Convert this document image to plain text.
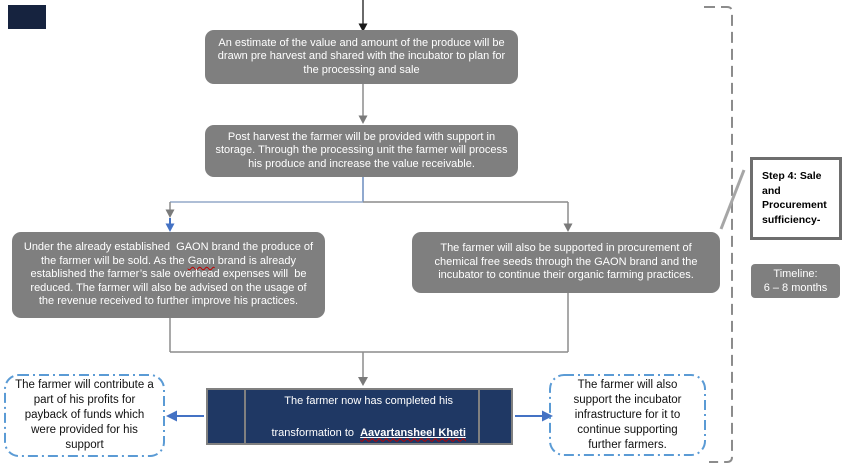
An estimate of the value and amount of the produce will be drawn pre harvest and shared with the incubator to plan for the processing and sale
Post harvest the farmer will be provided with support in storage. Through the processing unit the farmer will process his produce and increase the value receivable.
Under the already established  GAON brand the produce of the farmer will be sold. As the Gaon brand is already established the farmer’s sale overhead expenses will  be reduced. The farmer will also be advised on the usage of the revenue received to further improve his practices.
The farmer will also be supported in procurement of chemical free seeds through the GAON brand and the incubator to continue their organic farming practices.

The farmer now has completed his

transformation to  Aavartansheel Kheti

The farmer will contribute a part of his profits for payback of funds which were provided for his support
The farmer will also support the incubator infrastructure for it to continue supporting further farmers.
Step 4: Sale and Procurement sufficiency-
Timeline:
6 – 8 months
